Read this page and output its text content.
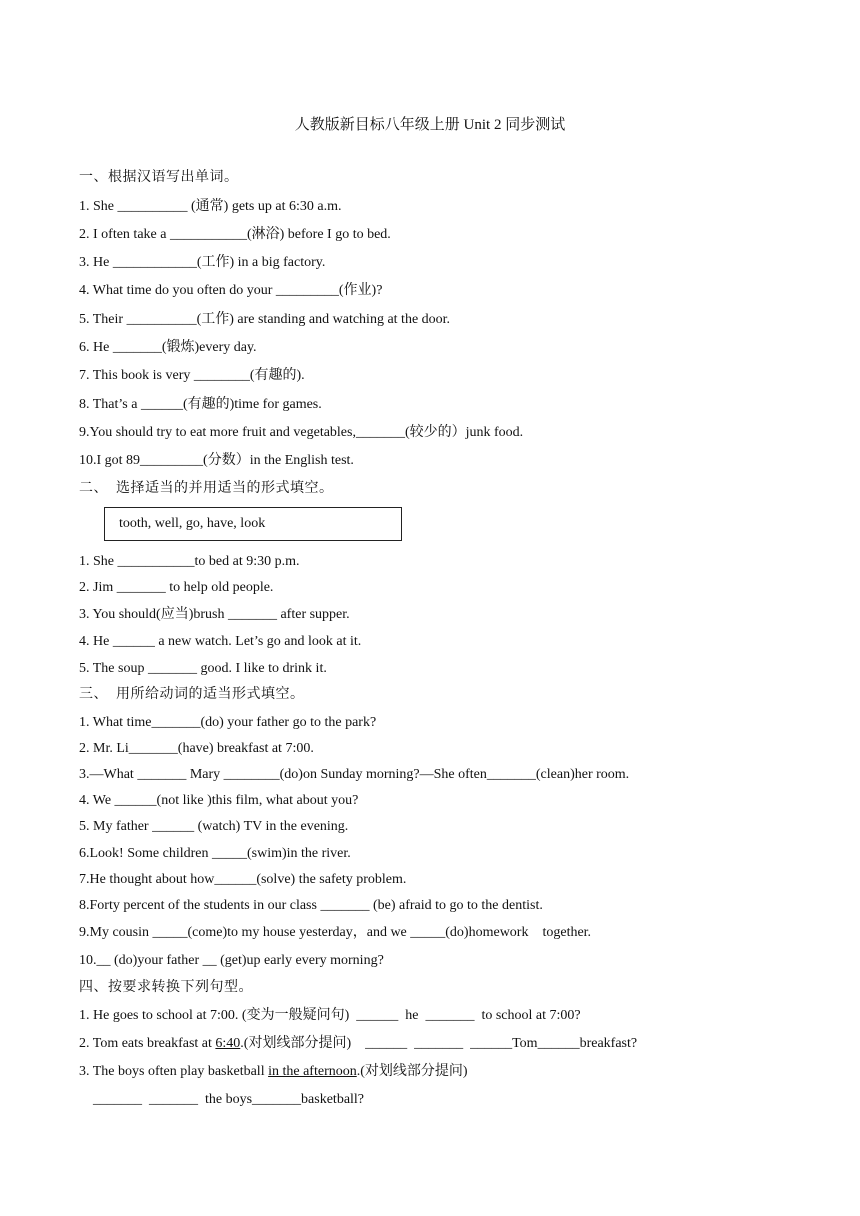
人教版新目标八年级上册 Unit 2 同步测试
一、根据汉语写出单词。
1. She __________ (通常) gets up at 6:30 a.m.
2. I often take a ___________(淋浴) before I go to bed.
3. He ____________(工作) in a big factory.
4. What time do you often do your _________(作业)?
5. Their __________(工作) are standing and watching at the door.
6. He _______(锻炼)every day.
7. This book is very ________(有趣的).
8. That’s a ______(有趣的)time for games.
9.You should try to eat more fruit and vegetables,_______(较少的）junk food.
10.I got 89_________(分数）in the English test.
二、  选择适当的并用适当的形式填空。
tooth, well, go, have, look
1. She ___________to bed at 9:30 p.m.
2. Jim _______ to help old people.
3. You should(应当)brush _______ after supper.
4. He ______ a new watch. Let’s go and look at it.
5. The soup _______ good. I like to drink it.
三、  用所给动词的适当形式填空。
1. What time_______(do) your father go to the park?
2. Mr. Li_______(have) breakfast at 7:00.
3.—What _______ Mary ________(do)on Sunday morning?—She often_______(clean)her room.
4. We ______(not like )this film, what about you?
5. My father ______ (watch) TV in the evening.
6.Look! Some children _____(swim)in the river.
7.He thought about how______(solve) the safety problem.
8.Forty percent of the students in our class _______ (be) afraid to go to the dentist.
9.My cousin _____(come)to my house yesterday，and we _____(do)homework    together.
10.__ (do)your father __ (get)up early every morning?
四、按要求转换下列句型。
1. He goes to school at 7:00. (变为一般疑问句)  ______  he  _______  to school at 7:00?
2. Tom eats breakfast at 6:40.(对划线部分提问)    ______  _______  ______Tom______breakfast?
3. The boys often play basketball in the afternoon.(对划线部分提问)
_______  _______  the boys_______basketball?
